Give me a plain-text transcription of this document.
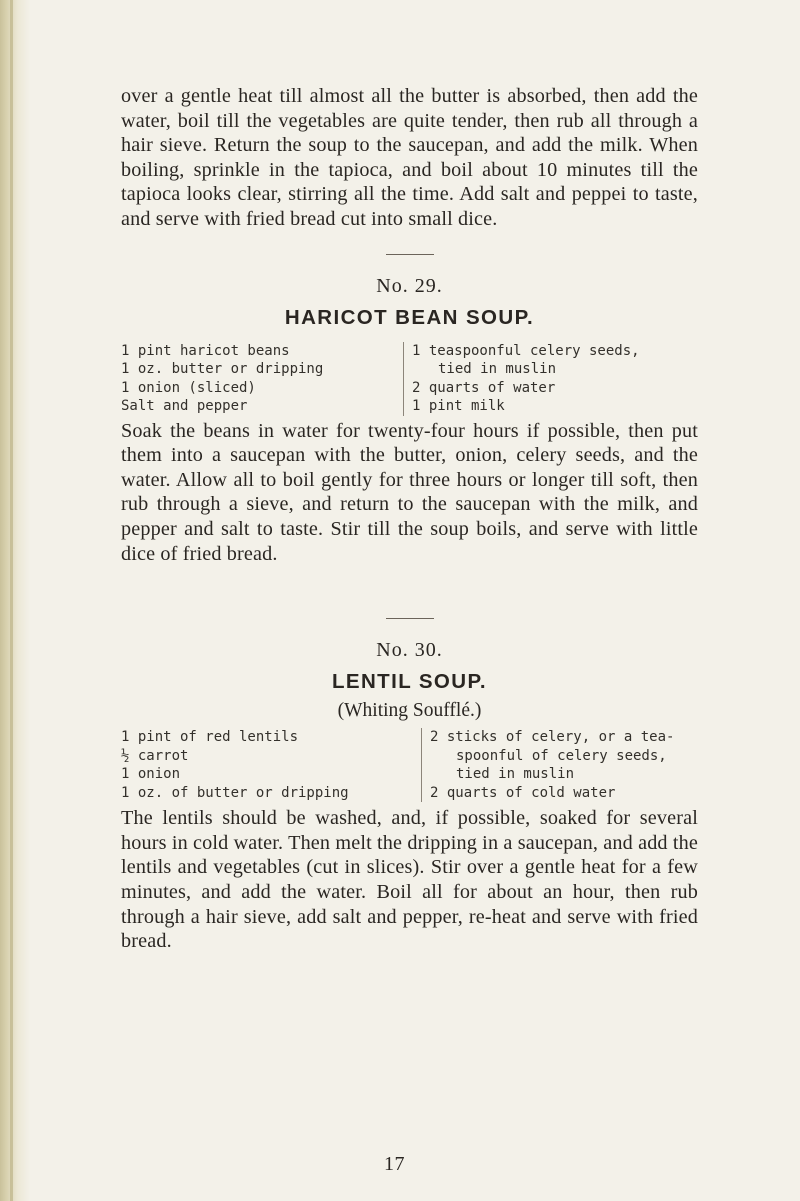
over a gentle heat till almost all the butter is absorbed, then add the water, boil till the vegetables are quite tender, then rub all through a hair sieve. Return the soup to the saucepan, and add the milk. When boiling, sprinkle in the tapioca, and boil about 10 minutes till the tapioca looks clear, stirring all the time. Add salt and peppei to taste, and serve with fried bread cut into small dice.

No. 29.

HARICOT BEAN SOUP.
1 pint haricot beans
1 oz. butter or dripping
1 onion (sliced)
Salt and pepper
1 teaspoonful celery seeds,
tied in muslin
2 quarts of water
1 pint milk

Soak the beans in water for twenty-four hours if possible, then put them into a saucepan with the butter, onion, celery seeds, and the water. Allow all to boil gently for three hours or longer till soft, then rub through a sieve, and return to the saucepan with the milk, and pepper and salt to taste. Stir till the soup boils, and serve with little dice of fried bread.

No. 30.

LENTIL SOUP.

(Whiting Soufflé.)

1 pint of red lentils
½ carrot
1 onion
1 oz. of butter or dripping
2 sticks of celery, or a tea-
spoonful of celery seeds,
tied in muslin
2 quarts of cold water

The lentils should be washed, and, if possible, soaked for several hours in cold water. Then melt the dripping in a saucepan, and add the lentils and vegetables (cut in slices). Stir over a gentle heat for a few minutes, and add the water. Boil all for about an hour, then rub through a hair sieve, add salt and pepper, re-heat and serve with fried bread.

17
